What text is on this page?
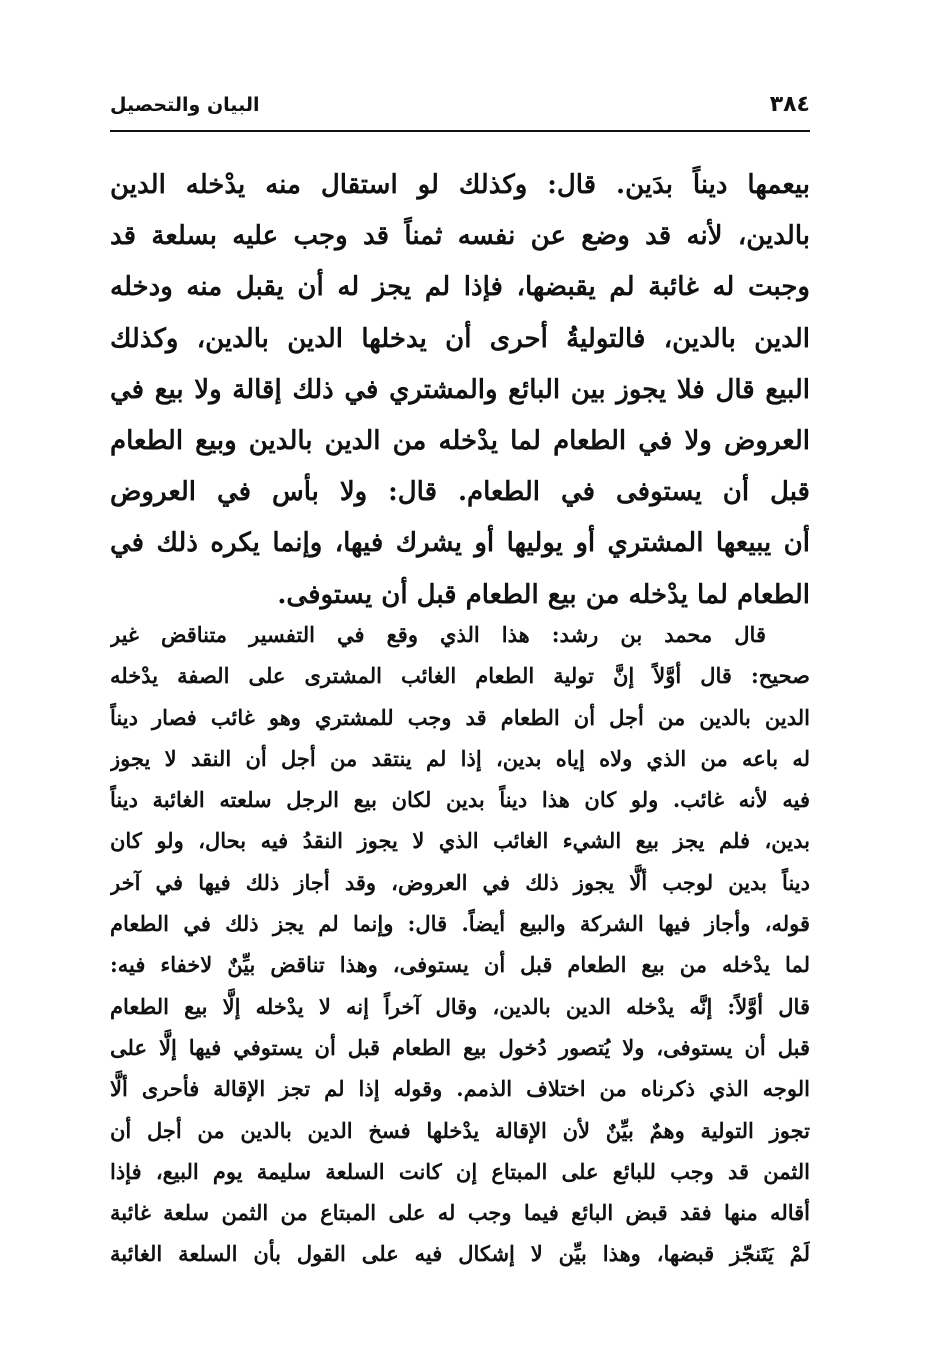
٣٨٤
البيان والتحصيل
بيعمها ديناً بدَين. قال: وكذلك لو استقال منه يدْخله الدين
بالدين، لأنه قد وضع عن نفسه ثمناً قد وجب عليه بسلعة قد
وجبت له غائبة لم يقبضها، فإذا لم يجز له أن يقبل منه ودخله
الدين بالدين، فالتوليةُ أحرى أن يدخلها الدين بالدين، وكذلك
البيع قال فلا يجوز بين البائع والمشتري في ذلك إقالة ولا بيع في
العروض ولا في الطعام لما يدْخله من الدين بالدين وبيع الطعام
قبل أن يستوفى في الطعام. قال: ولا بأس في العروض
أن يبيعها المشتري أو يوليها أو يشرك فيها، وإنما يكره ذلك في
الطعام لما يدْخله من بيع الطعام قبل أن يستوفى.
قال محمد بن رشد: هذا الذي وقع في التفسير متناقض غير
صحيح: قال أوَّلاً إنَّ تولية الطعام الغائب المشترى على الصفة يدْخله
الدين بالدين من أجل أن الطعام قد وجب للمشتري وهو غائب فصار ديناً
له باعه من الذي ولاه إياه بدين، إذا لم ينتقد من أجل أن النقد لا يجوز
فيه لأنه غائب. ولو كان هذا ديناً بدين لكان بيع الرجل سلعته الغائبة ديناً
بدين، فلم يجز بيع الشيء الغائب الذي لا يجوز النقدُ فيه بحال، ولو كان
ديناً بدين لوجب ألَّا يجوز ذلك في العروض، وقد أجاز ذلك فيها في آخر
قوله، وأجاز فيها الشركة والبيع أيضاً. قال: وإنما لم يجز ذلك في الطعام
لما يدْخله من بيع الطعام قبل أن يستوفى، وهذا تناقض بيِّنٌ لاخفاء فيه:
قال أوَّلاً: إنَّه يدْخله الدين بالدين، وقال آخراً إنه لا يدْخله إلَّا بيع الطعام
قبل أن يستوفى، ولا يُتصور دُخول بيع الطعام قبل أن يستوفي فيها إلَّا على
الوجه الذي ذكرناه من اختلاف الذمم. وقوله إذا لم تجز الإقالة فأحرى ألَّا
تجوز التولية وهمٌ بيِّنٌ لأن الإقالة يدْخلها فسخ الدين بالدين من أجل أن
الثمن قد وجب للبائع على المبتاع إن كانت السلعة سليمة يوم البيع، فإذا
أقاله منها فقد قبض البائع فيما وجب له على المبتاع من الثمن سلعة غائبة
لَمْ يَتَنجّز قبضها، وهذا بيِّن لا إشكال فيه على القول بأن السلعة الغائبة
